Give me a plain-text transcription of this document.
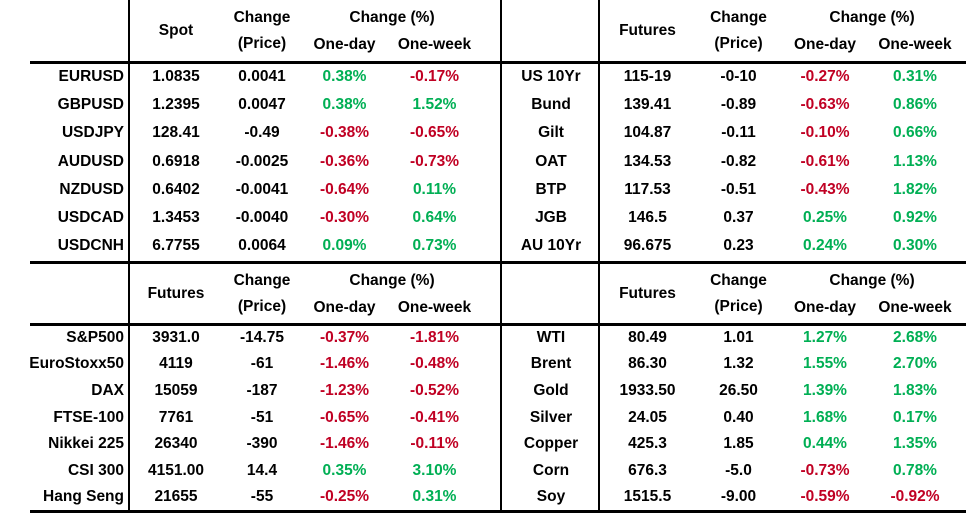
	Spot	
Change
(Price)

Change (%)
One-day	One-week
		Futures	
Change
(Price)

Change (%)
One-day	One-week

EURUSD	1.0835	0.0041	0.38%	-0.17%	US 10Yr	115-19	-0-10	-0.27%	0.31%
GBPUSD	1.2395	0.0047	0.38%	1.52%	Bund	139.41	-0.89	-0.63%	0.86%
USDJPY	128.41	-0.49	-0.38%	-0.65%	Gilt	104.87	-0.11	-0.10%	0.66%
AUDUSD	0.6918	-0.0025	-0.36%	-0.73%	OAT	134.53	-0.82	-0.61%	1.13%
NZDUSD	0.6402	-0.0041	-0.64%	0.11%	BTP	117.53	-0.51	-0.43%	1.82%
USDCAD	1.3453	-0.0040	-0.30%	0.64%	JGB	146.5	0.37	0.25%	0.92%
USDCNH	6.7755	0.0064	0.09%	0.73%	AU 10Yr	96.675	0.23	0.24%	0.30%
	Futures	
Change
(Price)

Change (%)
One-day	One-week
		Futures	
Change
(Price)

Change (%)
One-day	One-week

S&P500	3931.0	-14.75	-0.37%	-1.81%	WTI	80.49	1.01	1.27%	2.68%
EuroStoxx50	4119	-61	-1.46%	-0.48%	Brent	86.30	1.32	1.55%	2.70%
DAX	15059	-187	-1.23%	-0.52%	Gold	1933.50	26.50	1.39%	1.83%
FTSE-100	7761	-51	-0.65%	-0.41%	Silver	24.05	0.40	1.68%	0.17%
Nikkei 225	26340	-390	-1.46%	-0.11%	Copper	425.3	1.85	0.44%	1.35%
CSI 300	4151.00	14.4	0.35%	3.10%	Corn	676.3	-5.0	-0.73%	0.78%
Hang Seng	21655	-55	-0.25%	0.31%	Soy	1515.5	-9.00	-0.59%	-0.92%
